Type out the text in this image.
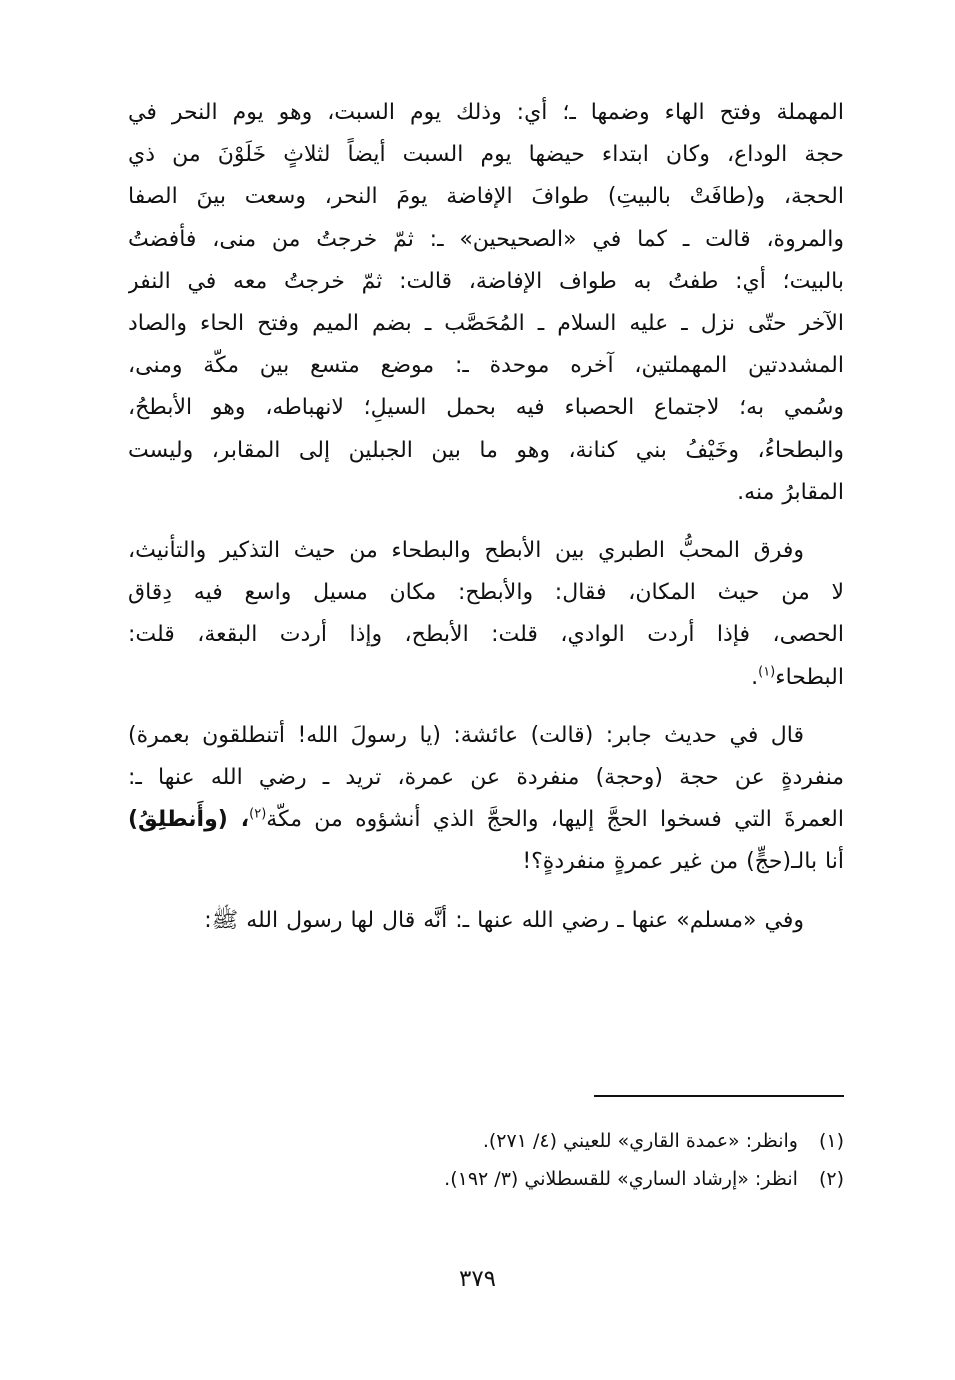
المهملة وفتح الهاء وضمها ـ؛ أي: وذلك يوم السبت، وهو يوم النحر في
حجة الوداع، وكان ابتداء حيضها يوم السبت أيضاً لثلاثٍ خَلَوْنَ من ذي
الحجة، و(طافَتْ بالبيتِ) طوافَ الإفاضة يومَ النحر، وسعت بينَ الصفا
والمروة، قالت ـ كما في «الصحيحين» ـ: ثمّ خرجتُ من منى، فأفضتُ
بالبيت؛ أي: طفتُ به طواف الإفاضة، قالت: ثمّ خرجتُ معه في النفر
الآخر حتّى نزل ـ عليه السلام ـ المُحَصَّب ـ بضم الميم وفتح الحاء والصاد
المشددتين المهملتين، آخره موحدة ـ: موضع متسع بين مكّة ومنى،
وسُمي به؛ لاجتماع الحصباء فيه بحمل السيلِ؛ لانهباطه، وهو الأبطحُ،
والبطحاءُ، وخَيْفُ بني كنانة، وهو ما بين الجبلين إلى المقابر، وليست
المقابرُ منه.

وفرق المحبُّ الطبري بين الأبطح والبطحاء من حيث التذكير والتأنيث،
لا من حيث المكان، فقال: والأبطح: مكان مسيل واسع فيه دِقاق
الحصى، فإذا أردت الوادي، قلت: الأبطح، وإذا أردت البقعة، قلت:
البطحاء$^{(١)}$.

قال في حديث جابر: (قالت) عائشة: (يا رسولَ الله! أتنطلقون بعمرة)
منفردةٍ عن حجة (وحجة) منفردة عن عمرة، تريد ـ رضي الله عنها ـ:
العمرةَ التي فسخوا الحجَّ إليها، والحجَّ الذي أنشؤوه من مكّة$^{(٢)}$، (وأَنطلِقُ)
أنا بالـ(حجٍّ) من غير عمرةٍ منفردةٍ؟!

وفي «مسلم» عنها ـ رضي الله عنها ـ: أنَّه قال لها رسول الله ﷺ:

(١) وانظر: «عمدة القاري» للعيني (٤/ ٢٧١).
(٢) انظر: «إرشاد الساري» للقسطلاني (٣/ ١٩٢).
٣٧٩
